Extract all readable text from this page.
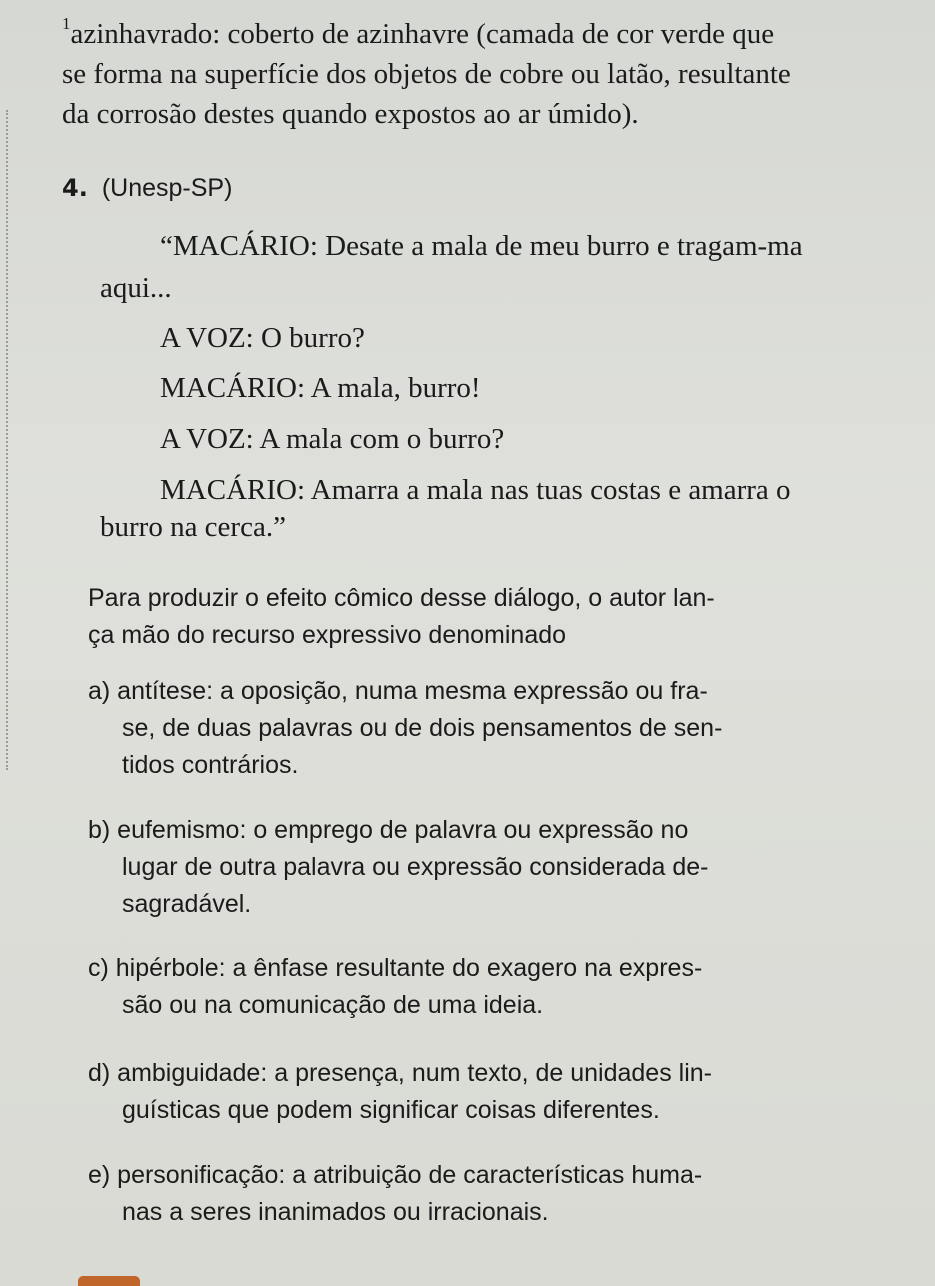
$^1$azinhavrado: coberto de azinhavre (camada de cor verde que

se forma na superfície dos objetos de cobre ou latão, resultante

da corrosão destes quando expostos ao ar úmido).

4. (Unesp-SP)
“MACÁRIO: Desate a mala de meu burro e tragam-ma
aqui...
A VOZ: O burro?
MACÁRIO: A mala, burro!
A VOZ: A mala com o burro?
MACÁRIO: Amarra a mala nas tuas costas e amarra o
burro na cerca.”

Para produzir o efeito cômico desse diálogo, o autor lan-

ça mão do recurso expressivo denominado

a) antítese: a oposição, numa mesma expressão ou fra-

se, de duas palavras ou de dois pensamentos de sen-

tidos contrários.

b) eufemismo: o emprego de palavra ou expressão no

lugar de outra palavra ou expressão considerada de-

sagradável.

c) hipérbole: a ênfase resultante do exagero na expres-

são ou na comunicação de uma ideia.

d) ambiguidade: a presença, num texto, de unidades lin-

guísticas que podem significar coisas diferentes.

e) personificação: a atribuição de características huma-

nas a seres inanimados ou irracionais.
